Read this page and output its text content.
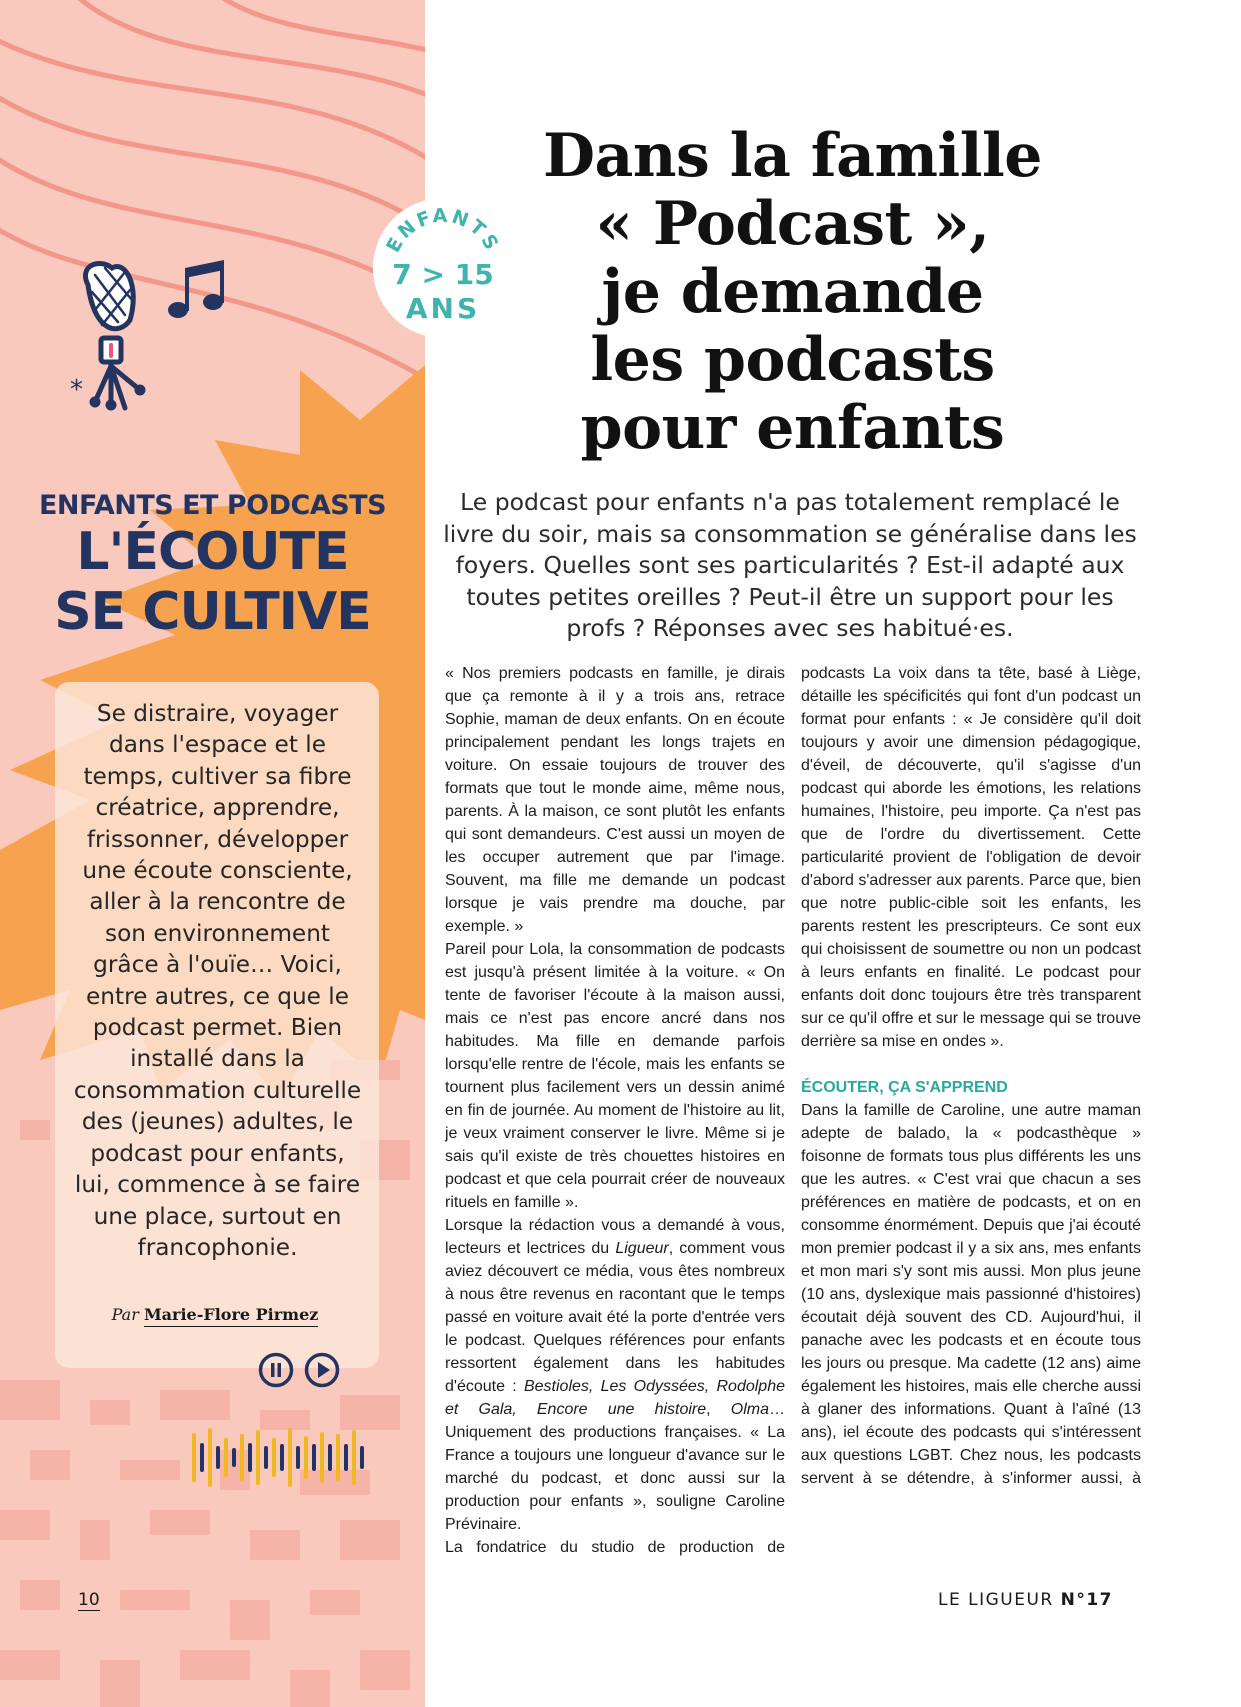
*
ENFANTS ET PODCASTS
L'ÉCOUTE
SE CULTIVE
Se distraire, voyager dans l'espace et le temps, cultiver sa fibre créatrice, apprendre, frissonner, développer une écoute consciente, aller à la rencontre de son environnement grâce à l'ouïe… Voici, entre autres, ce que le podcast permet. Bien installé dans la consommation culturelle des (jeunes) adultes, le podcast pour enfants, lui, commence à se faire une place, surtout en francophonie.
Par Marie-Flore Pirmez
ENFANTS
7 > 15
ANS
Dans la famille
« Podcast »,
je demande
les podcasts
pour enfants
Le podcast pour enfants n'a pas totalement remplacé le livre du soir, mais sa consommation se généralise dans les foyers. Quelles sont ses particularités ? Est-il adapté aux toutes petites oreilles ? Peut-il être un support pour les profs ? Réponses avec ses habitué·es.

« Nos premiers podcasts en famille, je dirais que ça remonte à il y a trois ans, retrace Sophie, maman de deux enfants. On en écoute principalement pendant les longs trajets en voiture. On essaie toujours de trouver des formats que tout le monde aime, même nous, parents. À la maison, ce sont plutôt les enfants qui sont demandeurs. C'est aussi un moyen de les occuper autrement que par l'image. Souvent, ma fille me demande un podcast lorsque je vais prendre ma douche, par exemple. »

Pareil pour Lola, la consommation de podcasts est jusqu'à présent limitée à la voiture. « On tente de favoriser l'écoute à la maison aussi, mais ce n'est pas encore ancré dans nos habitudes. Ma fille en demande parfois lorsqu'elle rentre de l'école, mais les enfants se tournent plus facilement vers un dessin animé en fin de journée. Au moment de l'histoire au lit, je veux vraiment conserver le livre. Même si je sais qu'il existe de très chouettes histoires en podcast et que cela pourrait créer de nouveaux rituels en famille ».

Lorsque la rédaction vous a demandé à vous, lecteurs et lectrices du Ligueur, comment vous aviez découvert ce média, vous êtes nombreux à nous être revenus en racontant que le temps passé en voiture avait été la porte d'entrée vers le podcast. Quelques références pour enfants ressortent également dans les habitudes d'écoute : Bestioles, Les Odyssées, Rodolphe et Gala, Encore une histoire, Olma… Uniquement des productions françaises. « La France a toujours une longueur d'avance sur le marché du podcast, et donc aussi sur la production pour enfants », souligne Caroline Prévinaire.

La fondatrice du studio de production de

podcasts La voix dans ta tête, basé à Liège, détaille les spécificités qui font d'un podcast un format pour enfants : « Je considère qu'il doit toujours y avoir une dimension pédagogique, d'éveil, de découverte, qu'il s'agisse d'un podcast qui aborde les émotions, les relations humaines, l'histoire, peu importe. Ça n'est pas que de l'ordre du divertissement. Cette particularité provient de l'obligation de devoir d'abord s'adresser aux parents. Parce que, bien que notre public-cible soit les enfants, les parents restent les prescripteurs. Ce sont eux qui choisissent de soumettre ou non un podcast à leurs enfants en finalité. Le podcast pour enfants doit donc toujours être très transparent sur ce qu'il offre et sur le message qui se trouve derrière sa mise en ondes ».

ÉCOUTER, ÇA S'APPREND

Dans la famille de Caroline, une autre maman adepte de balado, la « podcasthèque » foisonne de formats tous plus différents les uns que les autres. « C'est vrai que chacun a ses préférences en matière de podcasts, et on en consomme énormément. Depuis que j'ai écouté mon premier podcast il y a six ans, mes enfants et mon mari s'y sont mis aussi. Mon plus jeune (10 ans, dyslexique mais passionné d'histoires) écoutait déjà souvent des CD. Aujourd'hui, il panache avec les podcasts et en écoute tous les jours ou presque. Ma cadette (12 ans) aime également les histoires, mais elle cherche aussi à glaner des informations. Quant à l'aîné (13 ans), iel écoute des podcasts qui s'intéressent aux questions LGBT. Chez nous, les podcasts servent à se détendre, à s'informer aussi, à

10	LE LIGUEUR N°17
